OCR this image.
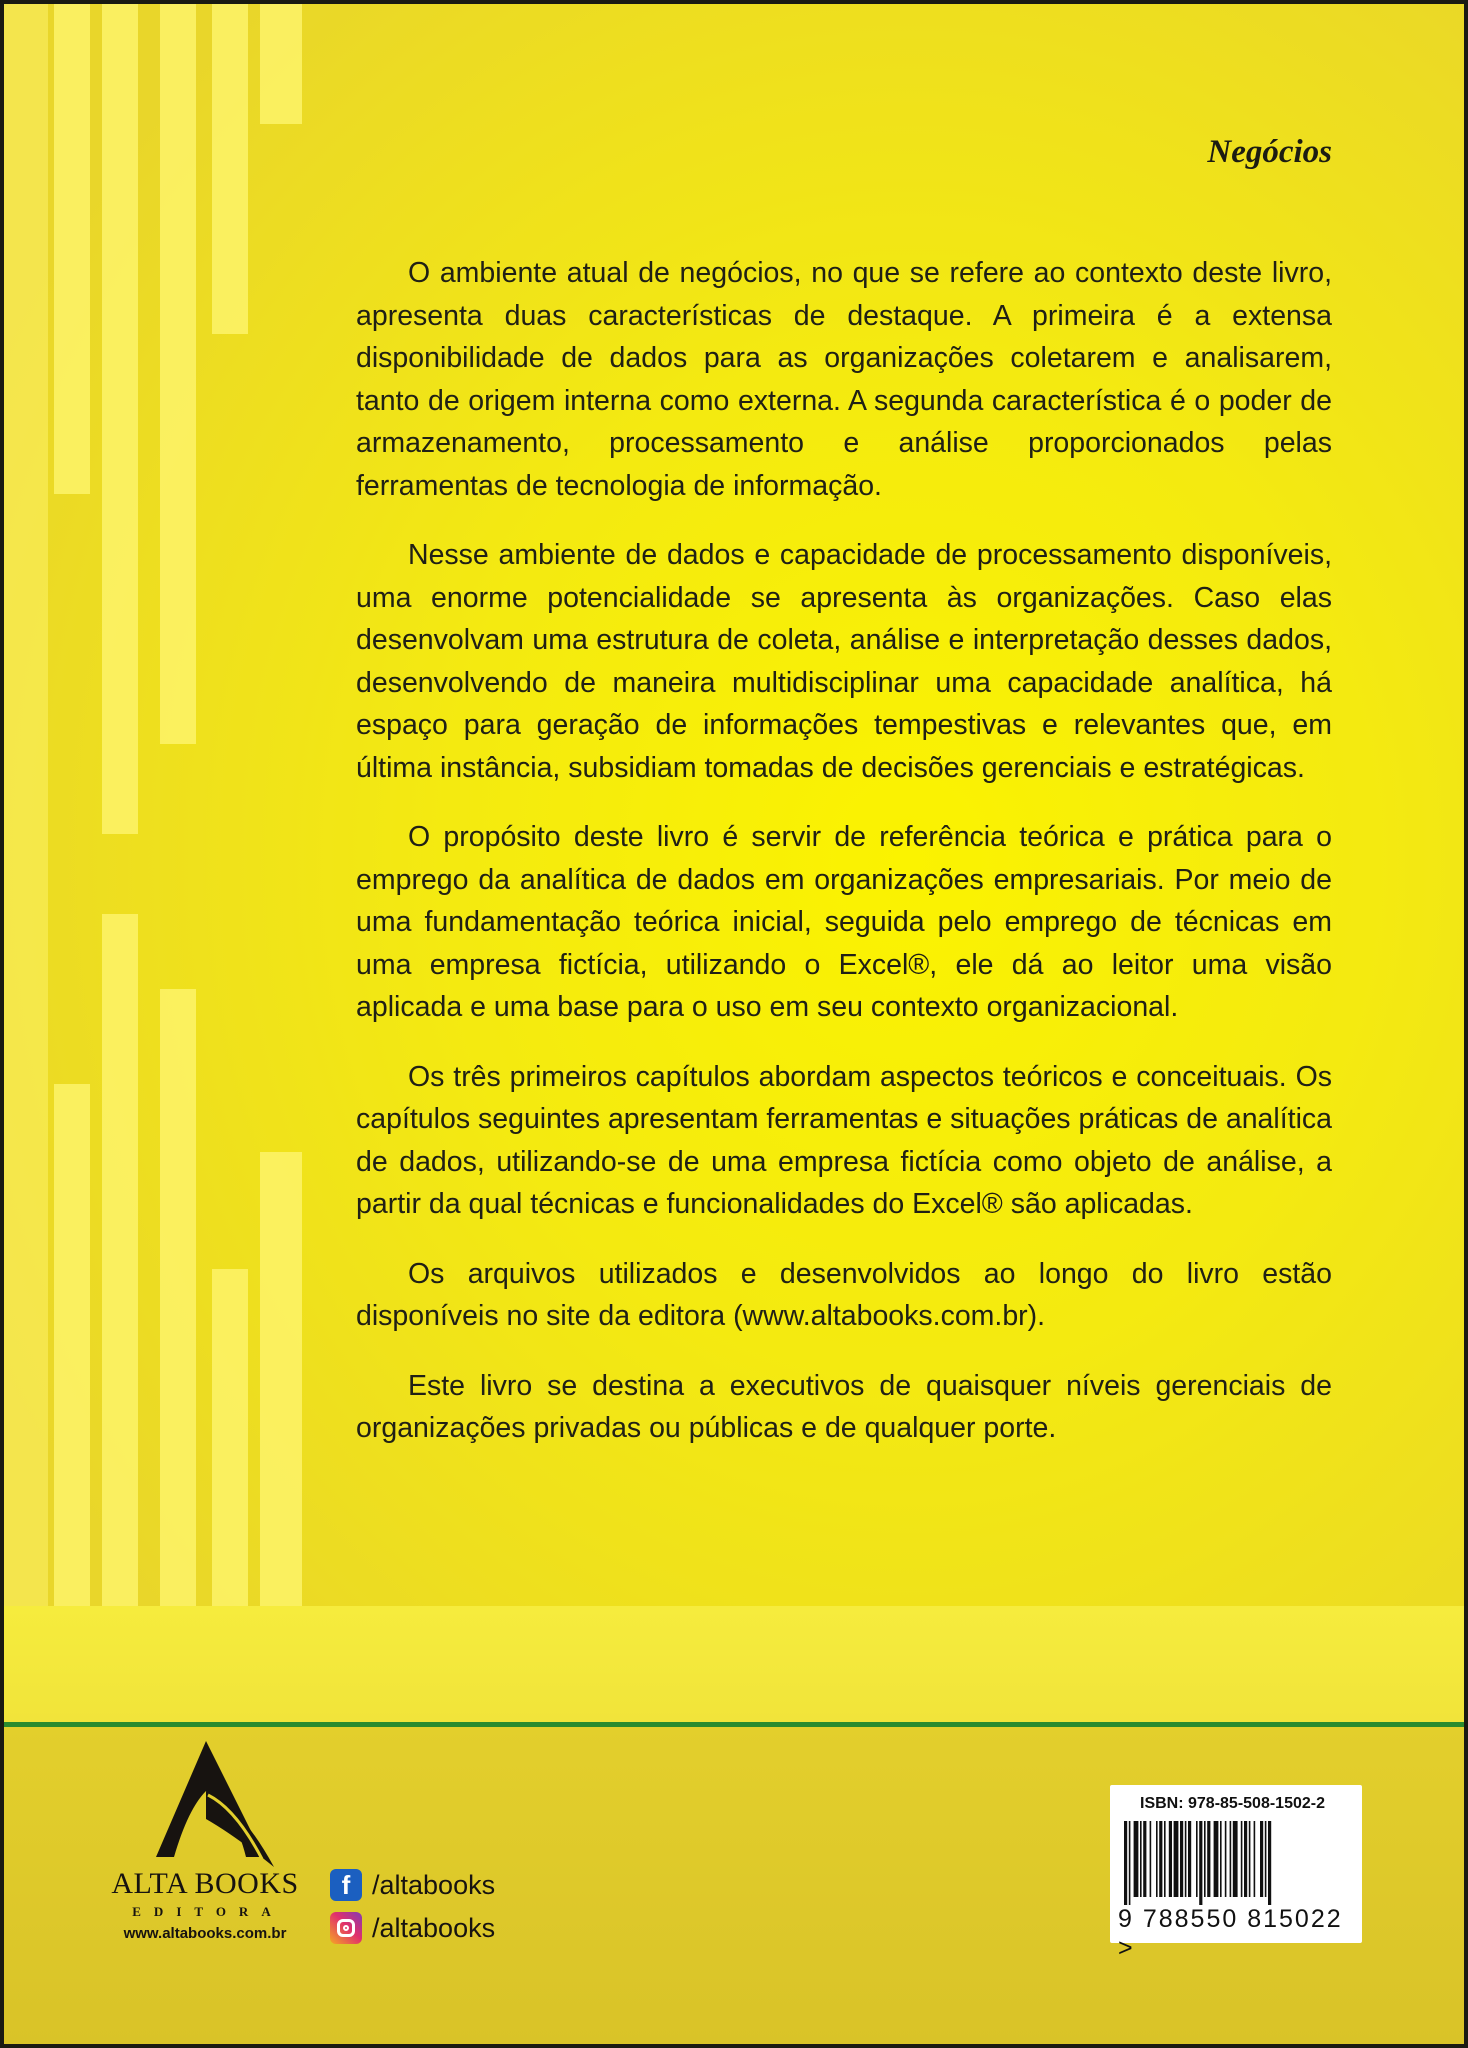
Negócios

O ambiente atual de negócios, no que se refere ao contexto deste livro, apresenta duas características de destaque. A primeira é a extensa disponibilidade de dados para as organizações coletarem e analisarem, tanto de origem interna como externa. A segunda característica é o poder de armazenamento, processamento e análise proporcionados pelas ferramentas de tecnologia de informação.

Nesse ambiente de dados e capacidade de processamento disponíveis, uma enorme potencialidade se apresenta às organizações. Caso elas desenvolvam uma estrutura de coleta, análise e interpretação desses dados, desenvolvendo de maneira multidisciplinar uma capacidade analítica, há espaço para geração de informações tempestivas e relevantes que, em última instância, subsidiam tomadas de decisões gerenciais e estratégicas.

O propósito deste livro é servir de referência teórica e prática para o emprego da analítica de dados em organizações empresariais. Por meio de uma fundamentação teórica inicial, seguida pelo emprego de técnicas em uma empresa fictícia, utilizando o Excel®, ele dá ao leitor uma visão aplicada e uma base para o uso em seu contexto organizacional.

Os três primeiros capítulos abordam aspectos teóricos e conceituais. Os capítulos seguintes apresentam ferramentas e situações práticas de analítica de dados, utilizando-se de uma empresa fictícia como objeto de análise, a partir da qual técnicas e funcionalidades do Excel® são aplicadas.

Os arquivos utilizados e desenvolvidos ao longo do livro estão disponíveis no site da editora (www.altabooks.com.br).

Este livro se destina a executivos de quaisquer níveis gerenciais de organizações privadas ou públicas e de qualquer porte.

ALTA BOOKS
EDITORA
www.altabooks.com.br
f /altabooks
/altabooks
ISBN: 978-85-508-1502-2
9 788550 815022 >
